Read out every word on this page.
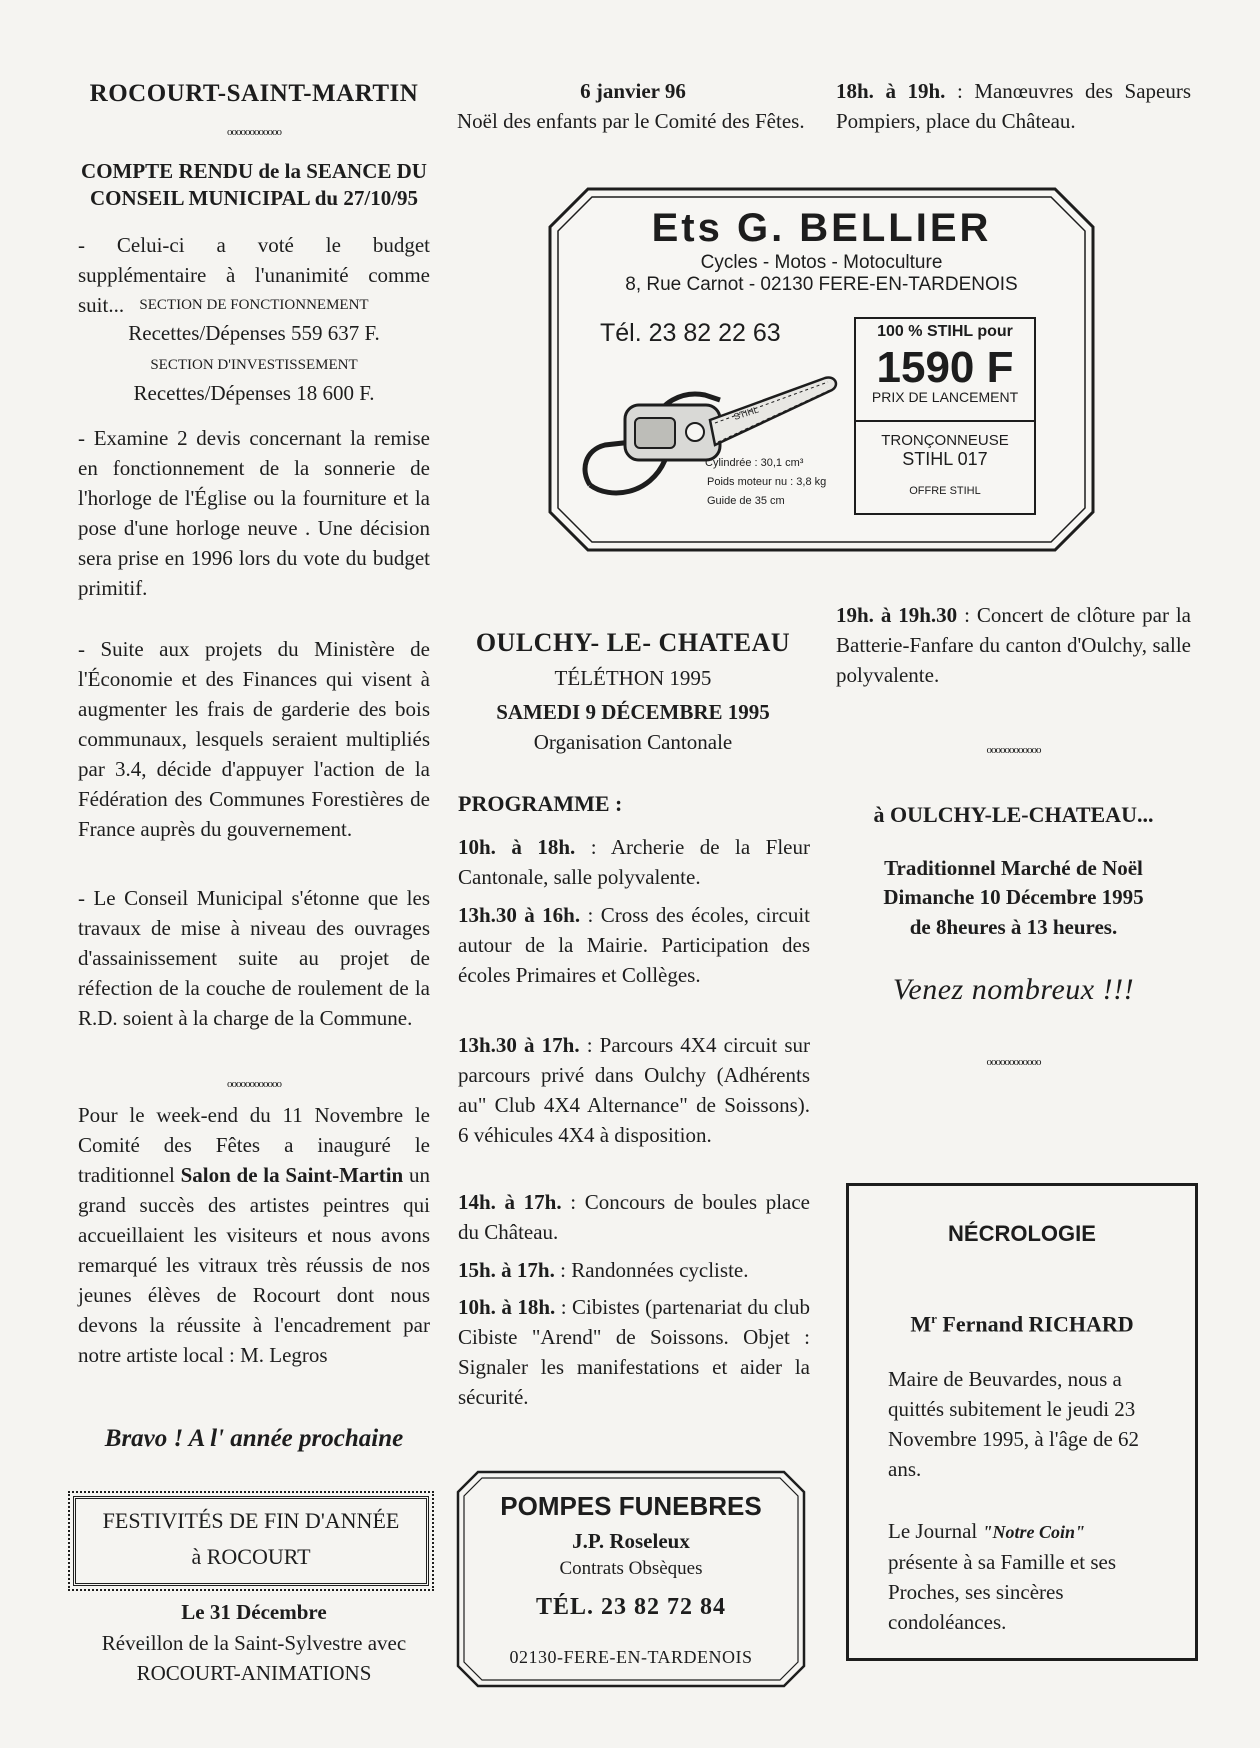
ROCOURT-SAINT-MARTIN
oooooooooooo
COMPTE RENDU de la SEANCE DU
CONSEIL MUNICIPAL du 27/10/95
- Celui-ci a voté le budget supplémentaire à l'unanimité comme suit...	SECTION DE FONCTIONNEMENT
Recettes/Dépenses 559 637 F.
SECTION D'INVESTISSEMENT
Recettes/Dépenses 18 600 F.
- Examine 2 devis concernant la remise en fonctionnement de la sonnerie de l'horloge de l'Église ou la fourniture et la pose d'une horloge neuve . Une décision sera prise en 1996 lors du vote du budget primitif.
- Suite aux projets du Ministère de l'Économie et des Finances qui visent à augmenter les frais de garderie des bois communaux, lesquels seraient multipliés par 3.4, décide d'appuyer l'action de la Fédération des Communes Forestières de France auprès du gouvernement.
- Le Conseil Municipal s'étonne que les travaux de mise à niveau des ouvrages d'assainissement suite au projet de réfection de la couche de roulement de la R.D. soient à la charge de la Commune.
oooooooooooo
Pour le week-end du 11 Novembre le Comité des Fêtes a inauguré le traditionnel Salon de la Saint-Martin un grand succès des artistes peintres qui accueillaient les visiteurs et nous avons remarqué les vitraux très réussis de nos jeunes élèves de Rocourt dont nous devons la réussite à l'encadrement par notre artiste local : M. Legros
Bravo ! A l' année prochaine
FESTIVITÉS DE FIN D'ANNÉE
à ROCOURT
Le 31 Décembre
Réveillon de la Saint-Sylvestre avec
ROCOURT-ANIMATIONS
6 janvier 96
Noël des enfants par le Comité des Fêtes.
18h. à 19h. : Manœuvres des Sapeurs Pompiers, place du Château.
Ets G. BELLIER
Cycles - Motos - Motoculture
8, Rue Carnot - 02130 FERE-EN-TARDENOIS
Tél. 23 82 22 63
STIHL
Cylindrée : 30,1 cm³
Poids moteur nu : 3,8 kg
Guide de 35 cm
100 % STIHL pour
1590 F
PRIX DE LANCEMENT
TRONÇONNEUSE
STIHL 017
OFFRE STIHL
OULCHY- LE- CHATEAU
TÉLÉTHON 1995
SAMEDI 9 DÉCEMBRE 1995
Organisation Cantonale
PROGRAMME :
10h. à 18h. : Archerie de la Fleur Cantonale, salle polyvalente.
13h.30 à 16h. : Cross des écoles, circuit autour de la Mairie. Participation des écoles Primaires et Collèges.
13h.30 à 17h. : Parcours 4X4 circuit sur parcours privé dans Oulchy (Adhérents au" Club 4X4 Alternance" de Soissons). 6 véhicules 4X4 à disposition.
14h. à 17h. : Concours de boules place du Château.
15h. à 17h. : Randonnées cycliste.
10h. à 18h. : Cibistes (partenariat du club Cibiste "Arend" de Soissons. Objet : Signaler les manifestations et aider la sécurité.
POMPES FUNEBRES
J.P. Roseleux
Contrats Obsèques
TÉL. 23 82 72 84
02130-FERE-EN-TARDENOIS
19h. à 19h.30 : Concert de clôture par la Batterie-Fanfare du canton d'Oulchy, salle polyvalente.
oooooooooooo
à OULCHY-LE-CHATEAU...
Traditionnel Marché de Noël
Dimanche 10 Décembre 1995
de 8heures à 13 heures.
Venez nombreux !!!
oooooooooooo
NÉCROLOGIE
$M^r$ Fernand RICHARD
Maire de Beuvardes, nous a quittés subitement le jeudi 23 Novembre 1995, à l'âge de 62 ans.
Le Journal "Notre Coin"
présente à sa Famille et ses Proches, ses sincères condoléances.
